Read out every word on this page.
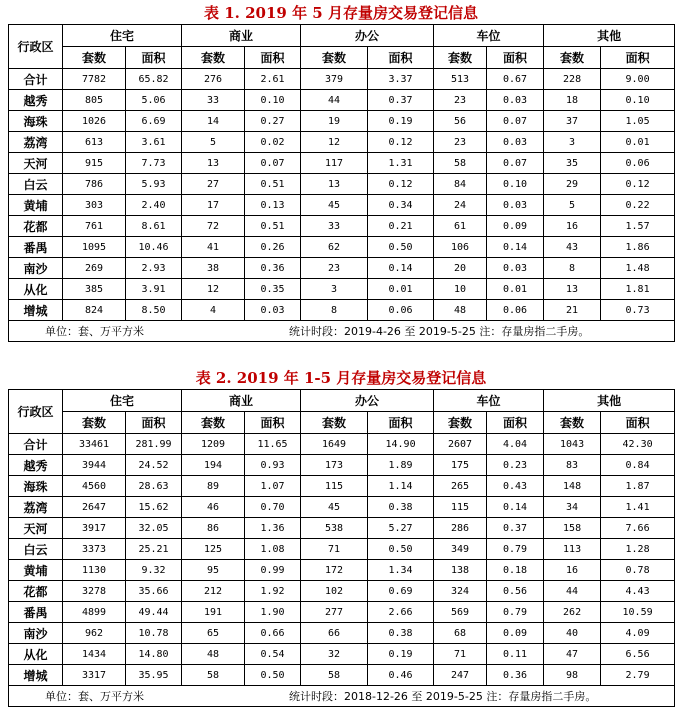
表 1. 2019 年 5 月存量房交易登记信息
行政区	住宅		商业		办公		车位		其他	
	套数	面积	套数	面积	套数	面积	套数	面积	套数	面积
合计	7782	65.82	276	2.61	379	3.37	513	0.67	228	9.00
越秀	805	5.06	33	0.10	44	0.37	23	0.03	18	0.10
海珠	1026	6.69	14	0.27	19	0.19	56	0.07	37	1.05
荔湾	613	3.61	5	0.02	12	0.12	23	0.03	3	0.01
天河	915	7.73	13	0.07	117	1.31	58	0.07	35	0.06
白云	786	5.93	27	0.51	13	0.12	84	0.10	29	0.12
黄埔	303	2.40	17	0.13	45	0.34	24	0.03	5	0.22
花都	761	8.61	72	0.51	33	0.21	61	0.09	16	1.57
番禺	1095	10.46	41	0.26	62	0.50	106	0.14	43	1.86
南沙	269	2.93	38	0.36	23	0.14	20	0.03	8	1.48
从化	385	3.91	12	0.35	3	0.01	10	0.01	13	1.81
增城	824	8.50	4	0.03	8	0.06	48	0.06	21	0.73
单位：套、万平方米 统计时段：2019-4-26 至 2019-5-25 注：存量房指二手房。										
表 2. 2019 年 1-5 月存量房交易登记信息
行政区	住宅		商业		办公		车位		其他	
	套数	面积	套数	面积	套数	面积	套数	面积	套数	面积
合计	33461	281.99	1209	11.65	1649	14.90	2607	4.04	1043	42.30
越秀	3944	24.52	194	0.93	173	1.89	175	0.23	83	0.84
海珠	4560	28.63	89	1.07	115	1.14	265	0.43	148	1.87
荔湾	2647	15.62	46	0.70	45	0.38	115	0.14	34	1.41
天河	3917	32.05	86	1.36	538	5.27	286	0.37	158	7.66
白云	3373	25.21	125	1.08	71	0.50	349	0.79	113	1.28
黄埔	1130	9.32	95	0.99	172	1.34	138	0.18	16	0.78
花都	3278	35.66	212	1.92	102	0.69	324	0.56	44	4.43
番禺	4899	49.44	191	1.90	277	2.66	569	0.79	262	10.59
南沙	962	10.78	65	0.66	66	0.38	68	0.09	40	4.09
从化	1434	14.80	48	0.54	32	0.19	71	0.11	47	6.56
增城	3317	35.95	58	0.50	58	0.46	247	0.36	98	2.79
单位：套、万平方米 统计时段：2018-12-26 至 2019-5-25 注：存量房指二手房。										
